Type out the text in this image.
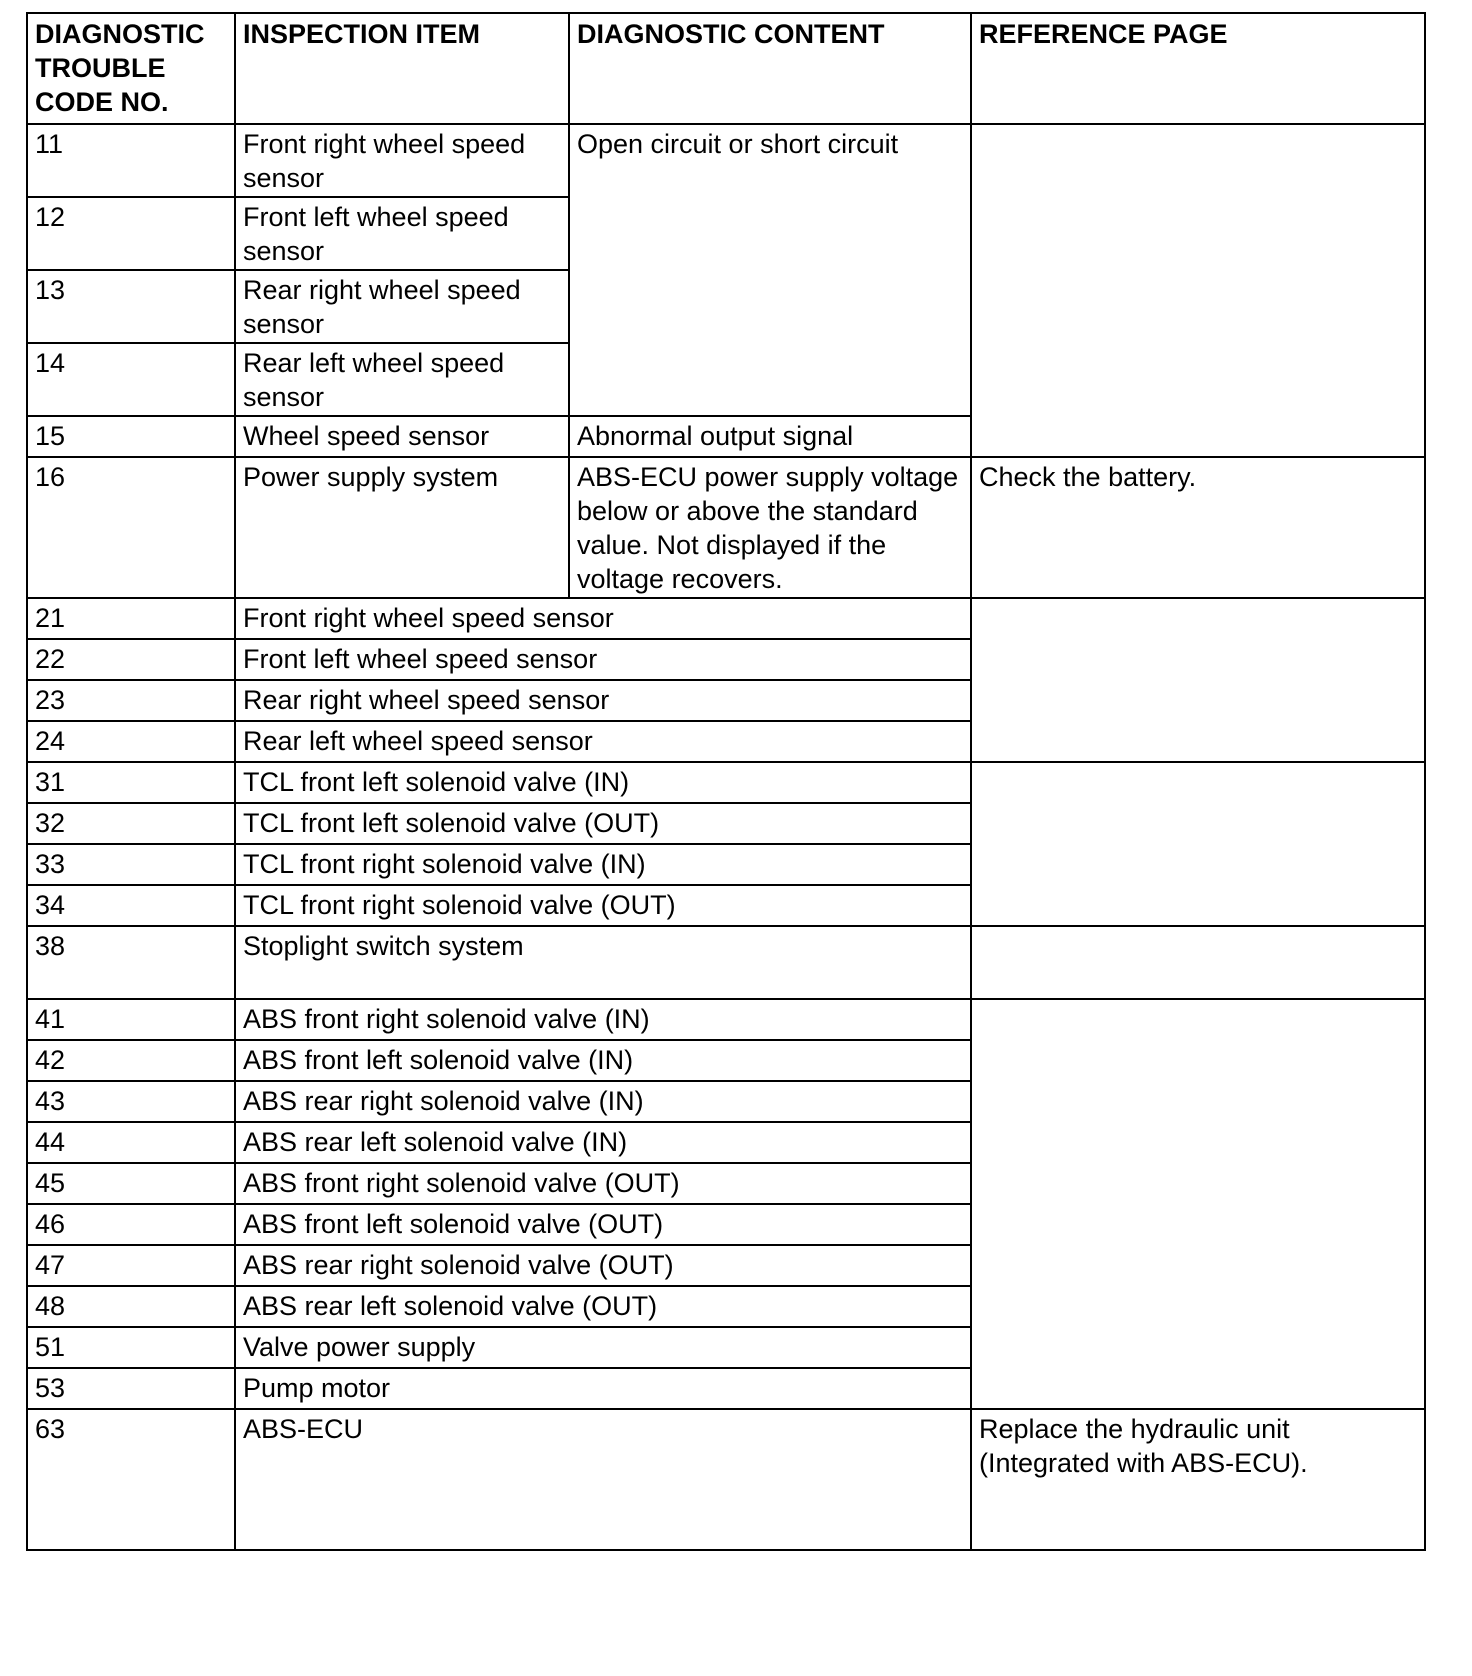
DIAGNOSTIC
TROUBLE
CODE NO.	INSPECTION ITEM	DIAGNOSTIC CONTENT	REFERENCE PAGE
11	Front right wheel speed sensor	Open circuit or short circuit	
12	Front left wheel speed sensor		
13	Rear right wheel speed sensor		
14	Rear left wheel speed sensor		
15	Wheel speed sensor	Abnormal output signal	
16	Power supply system	ABS-ECU power supply voltage below or above the standard value. Not displayed if the voltage recovers.	Check the battery.
21	Front right wheel speed sensor		
22	Front left wheel speed sensor		
23	Rear right wheel speed sensor		
24	Rear left wheel speed sensor		
31	TCL front left solenoid valve (IN)		
32	TCL front left solenoid valve (OUT)		
33	TCL front right solenoid valve (IN)		
34	TCL front right solenoid valve (OUT)		
38	Stoplight switch system		
41	ABS front right solenoid valve (IN)		
42	ABS front left solenoid valve (IN)		
43	ABS rear right solenoid valve (IN)		
44	ABS rear left solenoid valve (IN)		
45	ABS front right solenoid valve (OUT)		
46	ABS front left solenoid valve (OUT)		
47	ABS rear right solenoid valve (OUT)		
48	ABS rear left solenoid valve (OUT)		
51	Valve power supply		
53	Pump motor		
63	ABS-ECU		Replace the hydraulic unit (Integrated with ABS-ECU).
